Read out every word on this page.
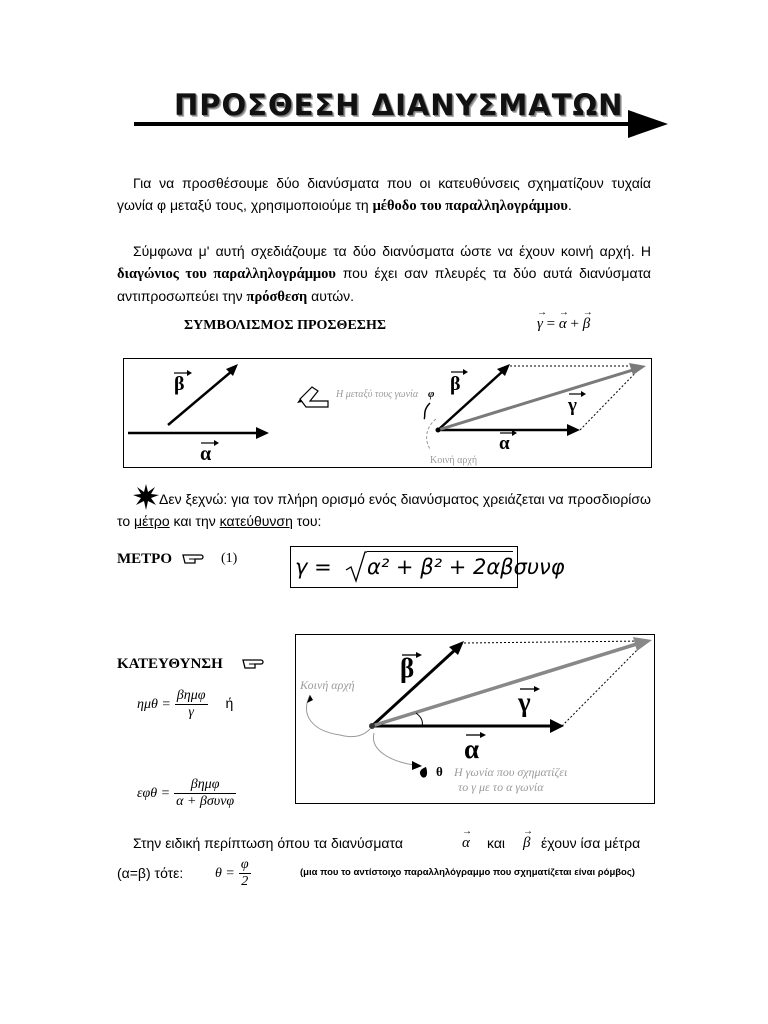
ΠΡΟΣΘΕΣΗ ΔΙΑΝΥΣΜΑΤΩΝ
Για να προσθέσουμε δύο διανύσματα που οι κατευθύνσεις σχηματίζουν τυχαία γωνία φ μεταξύ τους, χρησιμοποιούμε τη μέθοδο του παραλληλογράμμου.
Σύμφωνα μ' αυτή σχεδιάζουμε τα δύο διανύσματα ώστε να έχουν κοινή αρχή. Η διαγώνιος του παραλληλογράμμου που έχει σαν πλευρές τα δύο αυτά διανύσματα αντιπροσωπεύει την πρόσθεση αυτών.
ΣΥΜΒΟΛΙΣΜΟΣ ΠΡΟΣΘΕΣΗΣ
→
γ =
→
α +
→
β
β
α
Η μεταξύ τους γωνία φ
Κοινή αρχή
β
α
γ
Δεν ξεχνώ: για τον πλήρη ορισμό ενός διανύσματος χρειάζεται να προσδιορίσω το μέτρο και την κατεύθυνση του:
ΜΕΤΡΟ	(1)	γ = α² + β² + 2αβσυνφ
ΚΑΤΕΥΘΥΝΣΗ
$\eta\mu\theta = \frac{\text{βημφ}}{\gamma}$ ή
$\varepsilon\varphi\theta = \frac{\text{βημφ}}{\text{α + βσυνφ}}$
β
γ
α
Κοινή αρχή
θ Η γωνία που σχηματίζει
το γ με το α γωνία
Στην ειδική περίπτωση όπου τα διανύσματα
→
α και
→
β έχουν ίσα μέτρα
(α=β) τότε: $\theta = \frac{\varphi}{2}$	(μια που το αντίστοιχο παραλληλόγραμμο που σχηματίζεται είναι ρόμβος)
